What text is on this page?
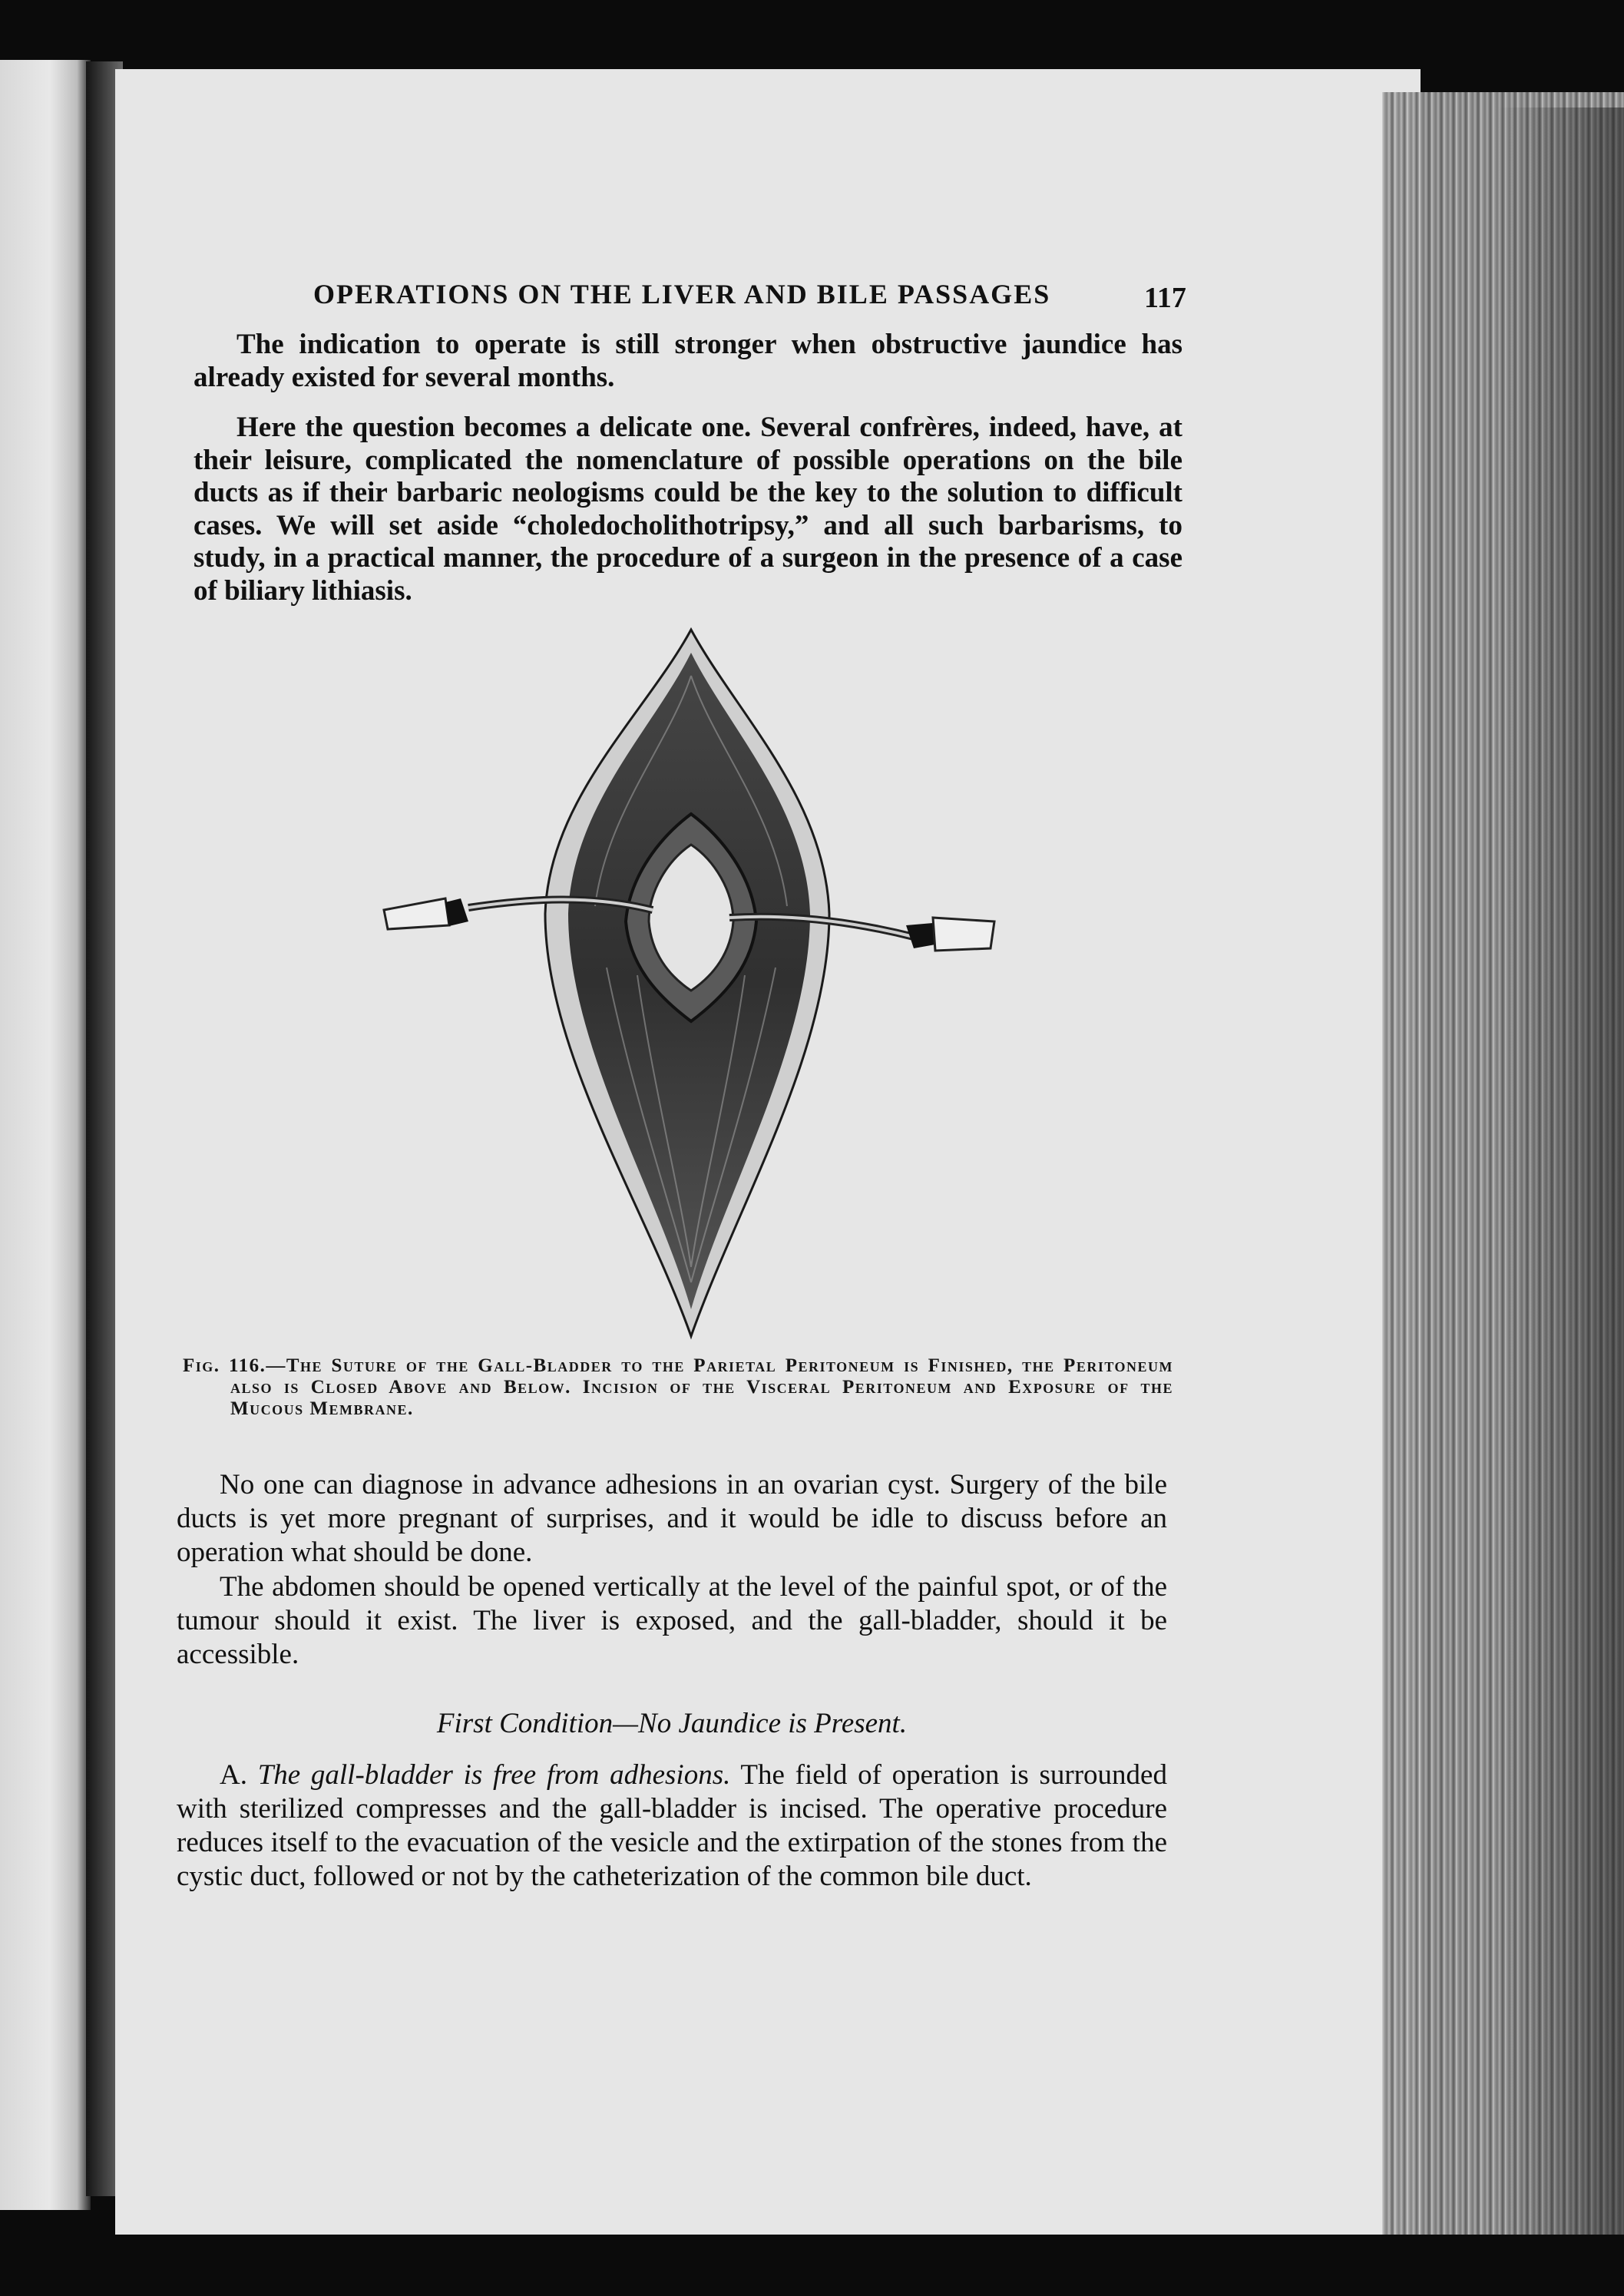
OPERATIONS ON THE LIVER AND BILE PASSAGES	117
The indication to operate is still stronger when obstructive jaundice has already existed for several months.
Here the question becomes a delicate one. Several confrères, indeed, have, at their leisure, complicated the nomenclature of possible operations on the bile ducts as if their barbaric neologisms could be the key to the solution to difficult cases. We will set aside “choledocholithotripsy,” and all such barbarisms, to study, in a practical manner, the procedure of a surgeon in the presence of a case of biliary lithiasis.
Fig. 116.—The Suture of the Gall-Bladder to the Parietal Peritoneum is Finished, the Peritoneum also is Closed Above and Below. Incision of the Visceral Peritoneum and Exposure of the Mucous Membrane.
No one can diagnose in advance adhesions in an ovarian cyst. Surgery of the bile ducts is yet more pregnant of surprises, and it would be idle to discuss before an operation what should be done.
The abdomen should be opened vertically at the level of the painful spot, or of the tumour should it exist. The liver is exposed, and the gall-bladder, should it be accessible.
First Condition—No Jaundice is Present.
A. The gall-bladder is free from adhesions. The field of operation is surrounded with sterilized compresses and the gall-bladder is incised. The operative procedure reduces itself to the evacuation of the vesicle and the extirpation of the stones from the cystic duct, followed or not by the catheterization of the common bile duct.
